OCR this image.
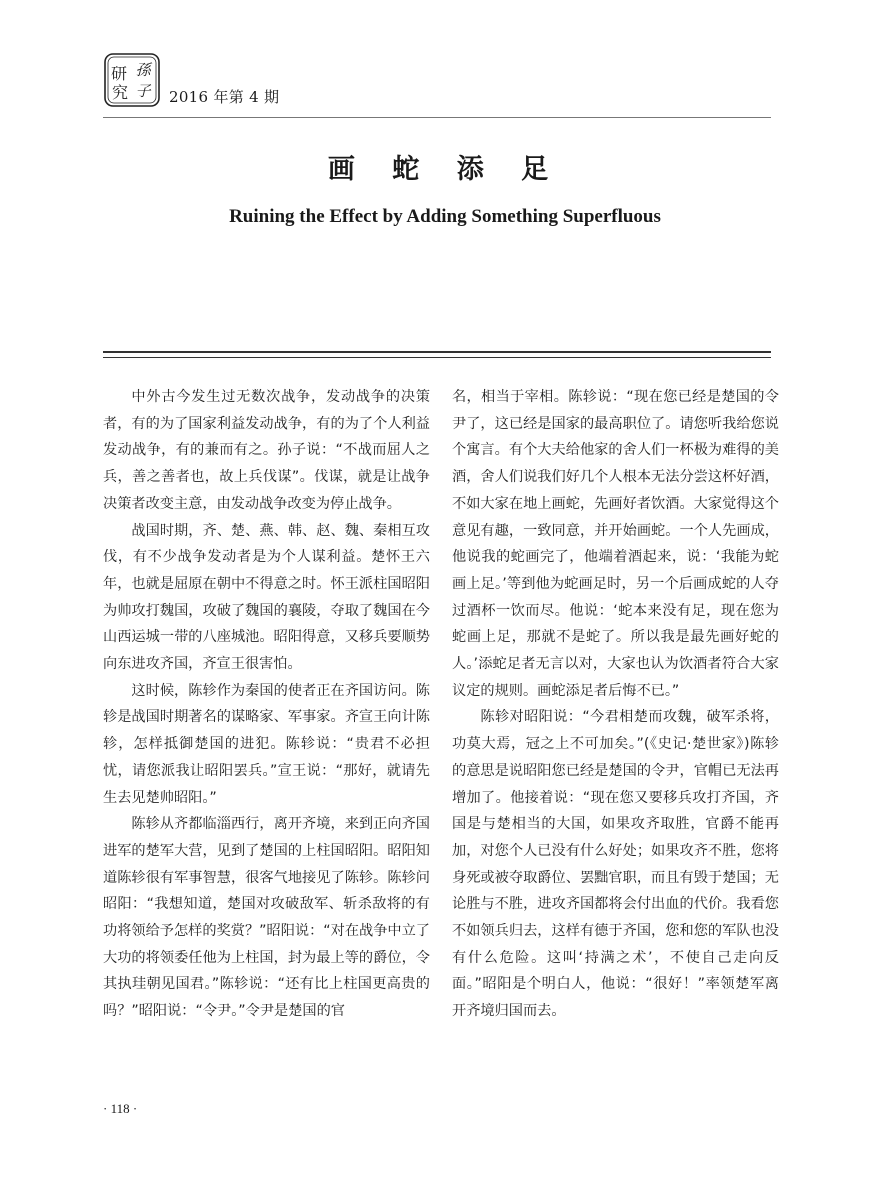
研
究
孫
子 2016 年第 4 期
画 蛇 添 足
Ruining the Effect by Adding Something Superfluous

中外古今发生过无数次战争，发动战争的决策者，有的为了国家利益发动战争，有的为了个人利益发动战争，有的兼而有之。孙子说：“不战而屈人之兵，善之善者也，故上兵伐谋”。伐谋，就是让战争决策者改变主意，由发动战争改变为停止战争。

战国时期，齐、楚、燕、韩、赵、魏、秦相互攻伐，有不少战争发动者是为个人谋利益。楚怀王六年，也就是屈原在朝中不得意之时。怀王派柱国昭阳为帅攻打魏国，攻破了魏国的襄陵，夺取了魏国在今山西运城一带的八座城池。昭阳得意，又移兵要顺势向东进攻齐国，齐宣王很害怕。

这时候，陈轸作为秦国的使者正在齐国访问。陈轸是战国时期著名的谋略家、军事家。齐宣王向计陈轸，怎样抵御楚国的进犯。陈轸说：“贵君不必担忧，请您派我让昭阳罢兵。”宣王说：“那好，就请先生去见楚帅昭阳。”

陈轸从齐都临淄西行，离开齐境，来到正向齐国进军的楚军大营，见到了楚国的上柱国昭阳。昭阳知道陈轸很有军事智慧，很客气地接见了陈轸。陈轸问昭阳：“我想知道，楚国对攻破敌军、斩杀敌将的有功将领给予怎样的奖赏？”昭阳说：“对在战争中立了大功的将领委任他为上柱国，封为最上等的爵位，令其执珪朝见国君。”陈轸说：“还有比上柱国更高贵的吗？”昭阳说：“令尹。”令尹是楚国的官

名，相当于宰相。陈轸说：“现在您已经是楚国的令尹了，这已经是国家的最高职位了。请您听我给您说个寓言。有个大夫给他家的舍人们一杯极为难得的美酒，舍人们说我们好几个人根本无法分尝这杯好酒，不如大家在地上画蛇，先画好者饮酒。大家觉得这个意见有趣，一致同意，并开始画蛇。一个人先画成，他说我的蛇画完了，他端着酒起来，说：‘我能为蛇画上足。’等到他为蛇画足时，另一个后画成蛇的人夺过酒杯一饮而尽。他说：‘蛇本来没有足，现在您为蛇画上足，那就不是蛇了。所以我是最先画好蛇的人。’添蛇足者无言以对，大家也认为饮酒者符合大家议定的规则。画蛇添足者后悔不已。”

陈轸对昭阳说：“今君相楚而攻魏，破军杀将，功莫大焉，冠之上不可加矣。”(《史记·楚世家》)陈轸的意思是说昭阳您已经是楚国的令尹，官帽已无法再增加了。他接着说：“现在您又要移兵攻打齐国，齐国是与楚相当的大国，如果攻齐取胜，官爵不能再加，对您个人已没有什么好处；如果攻齐不胜，您将身死或被夺取爵位、罢黜官职，而且有毁于楚国；无论胜与不胜，进攻齐国都将会付出血的代价。我看您不如领兵归去，这样有德于齐国，您和您的军队也没有什么危险。这叫‘持满之术’，不使自己走向反面。”昭阳是个明白人，他说：“很好！”率领楚军离开齐境归国而去。

· 118 ·
